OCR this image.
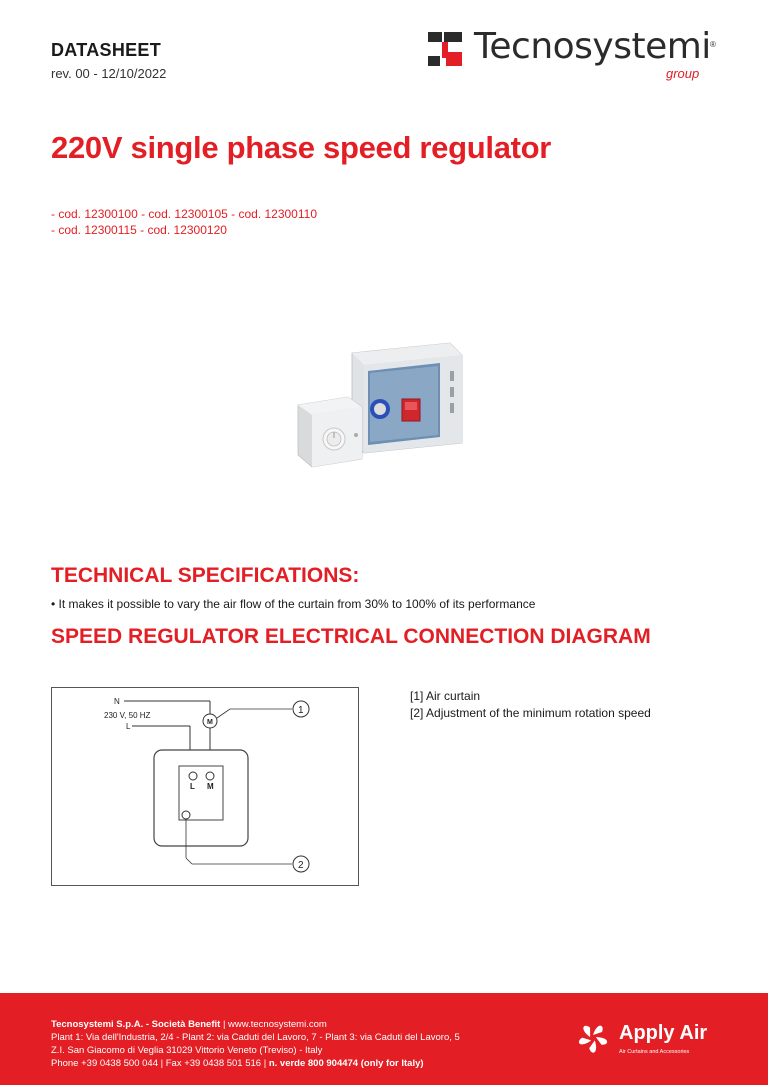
DATASHEET
rev. 00 - 12/10/2022
Tecnosystemi ®
group
220V single phase speed regulator
- cod. 12300100 - cod. 12300105 - cod. 12300110
- cod. 12300115 - cod. 12300120
TECHNICAL SPECIFICATIONS:

• It makes it possible to vary the air flow of the curtain from 30% to 100% of its performance

SPEED REGULATOR ELECTRICAL CONNECTION DIAGRAM
N
230 V, 50 HZ
L	M
1
L M
2
[1] Air curtain
[2] Adjustment of the minimum rotation speed
Tecnosystemi S.p.A. - Società Benefit | www.tecnosystemi.com
Plant 1: Via dell'Industria, 2/4 - Plant 2: via Caduti del Lavoro, 7 - Plant 3: via Caduti del Lavoro, 5
Z.I. San Giacomo di Veglia 31029 Vittorio Veneto (Treviso) - Italy
Phone +39 0438 500 044 | Fax +39 0438 501 516 | n. verde 800 904474 (only for Italy)
Apply Air
Air Curtains and Accessories
